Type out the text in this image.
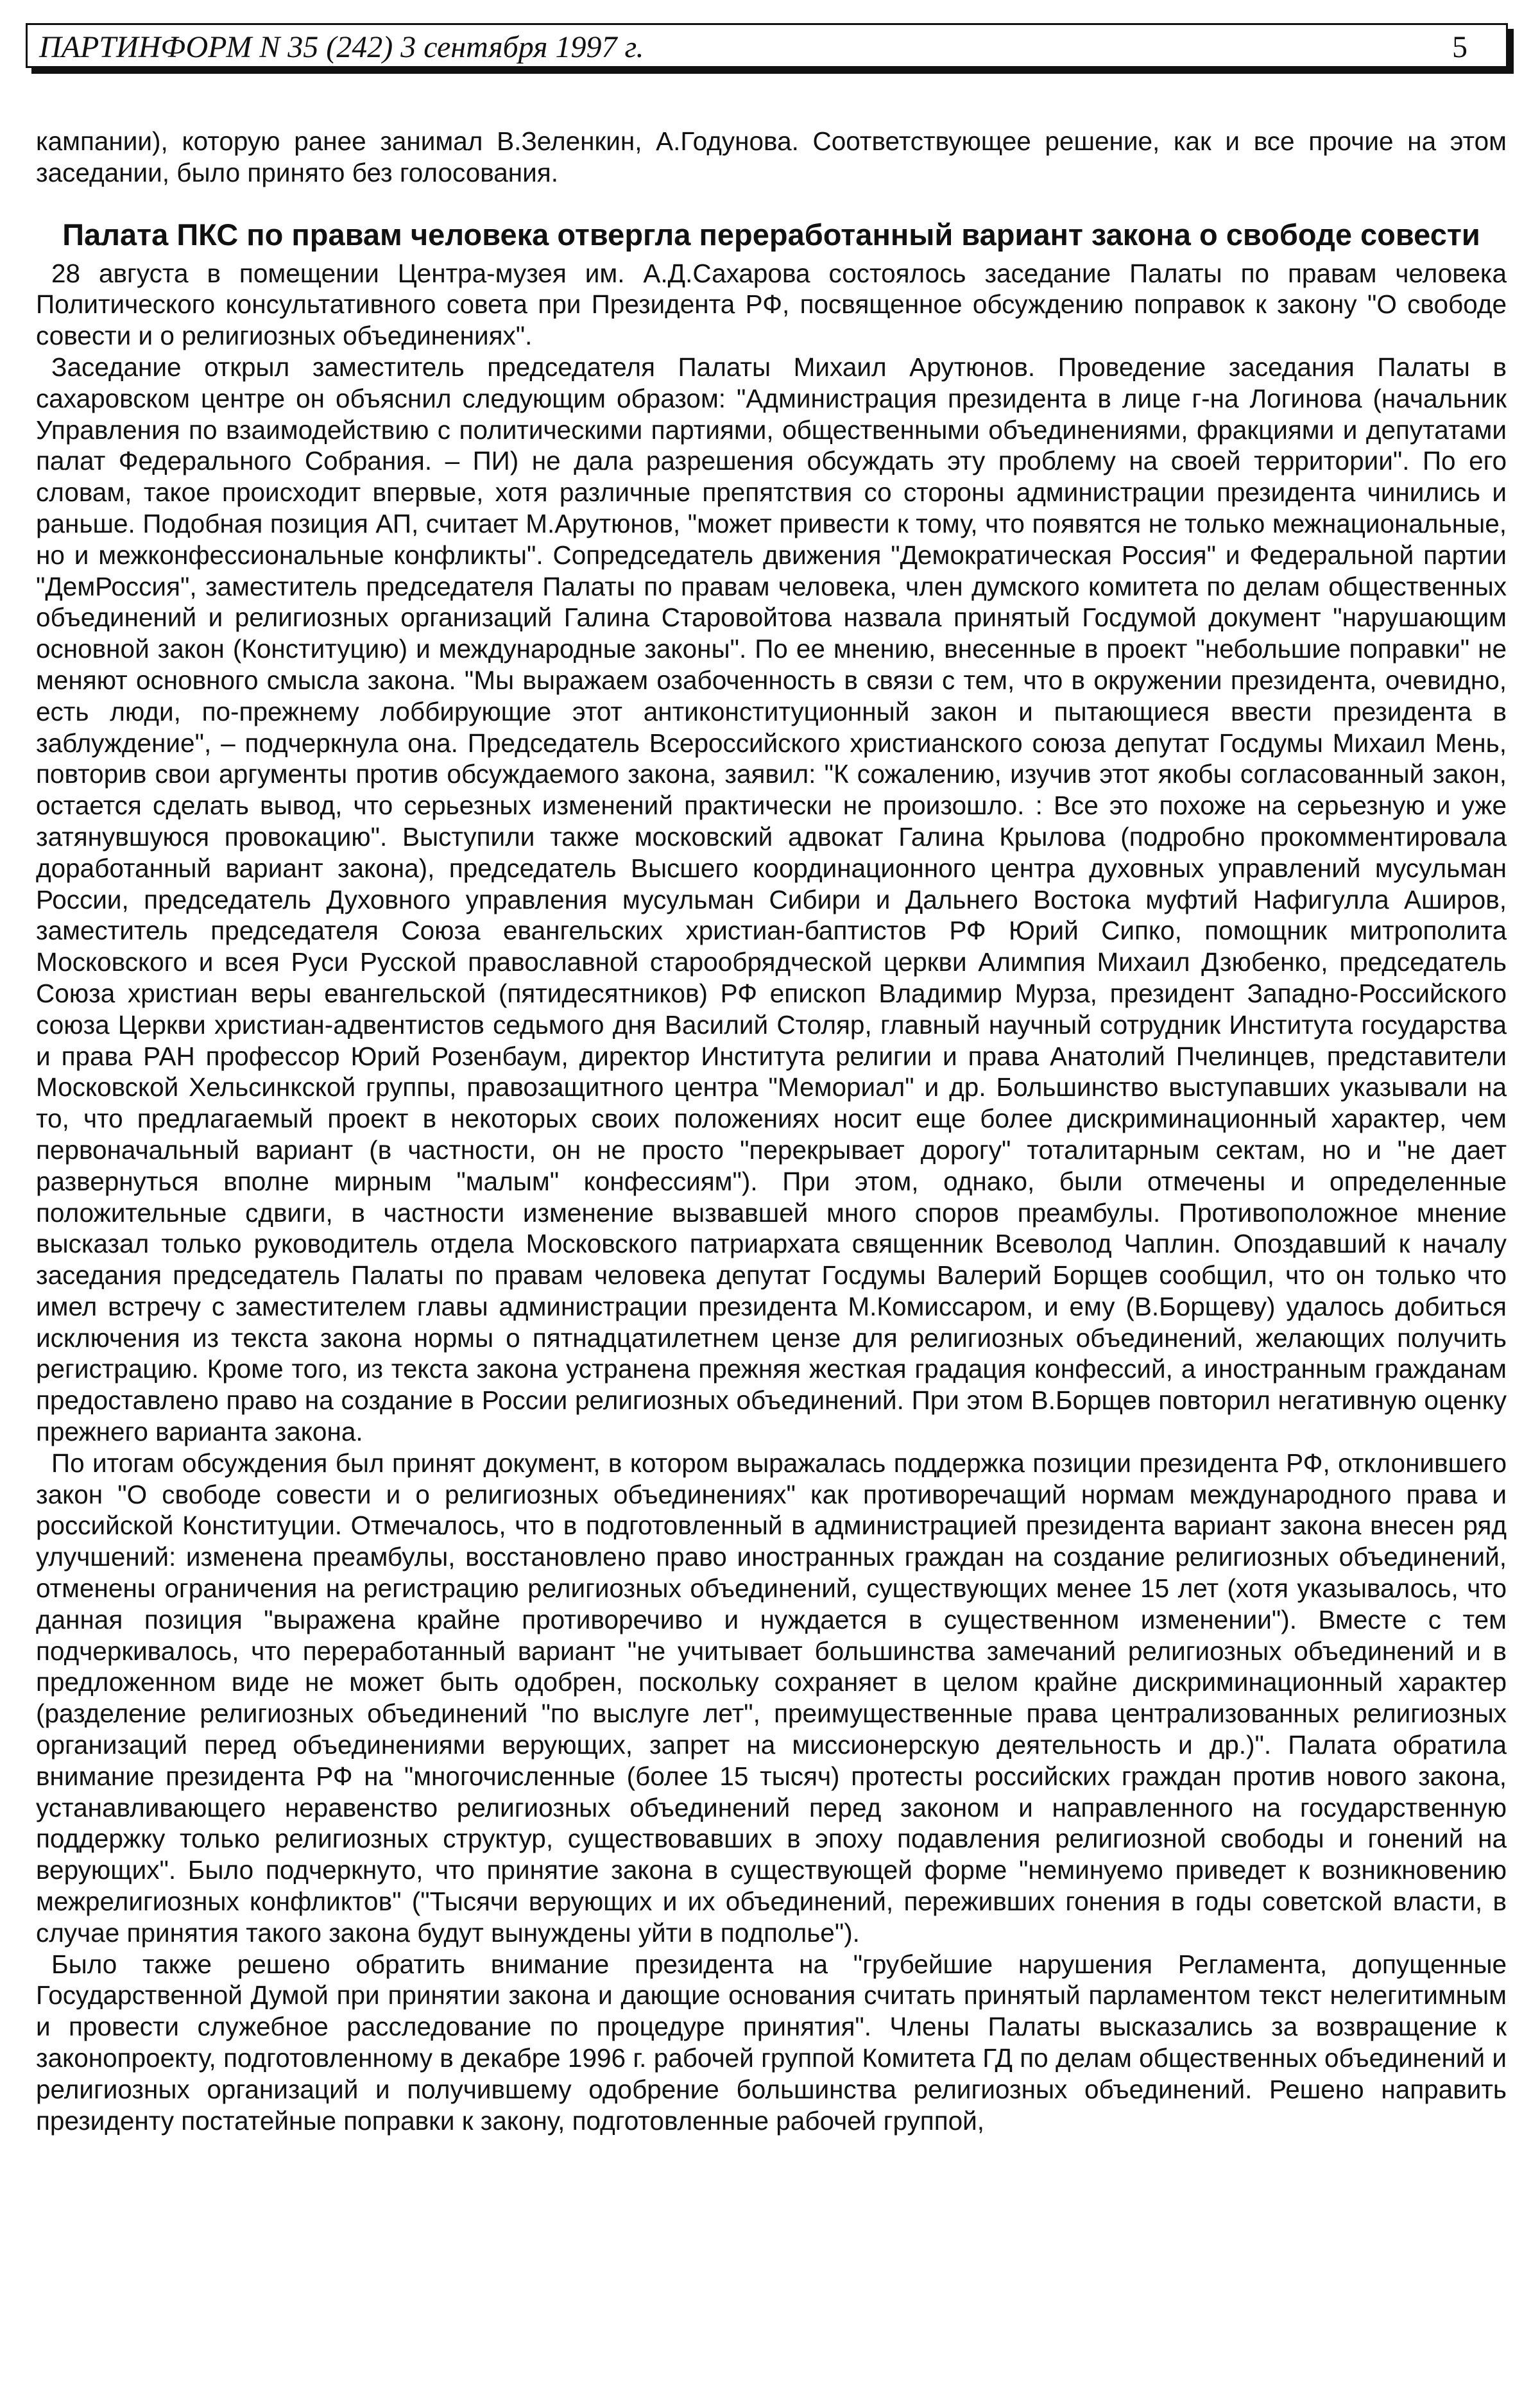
ПАРТИНФОРМ N 35 (242) 3 сентября 1997 г.	5

кампании), которую ранее занимал В.Зеленкин, А.Годунова. Соответствующее решение, как и все прочие на этом заседании, было принято без голосования.

Палата ПКС по правам человека отвергла переработанный вариант закона о свободе совести

28 августа в помещении Центра-музея им. А.Д.Сахарова состоялось заседание Палаты по правам человека Политического консультативного совета при Президента РФ, посвященное обсуждению поправок к закону "О свободе совести и о религиозных объединениях".

Заседание открыл заместитель председателя Палаты Михаил Арутюнов. Проведение заседания Палаты в сахаровском центре он объяснил следующим образом: "Администрация президента в лице г-на Логинова (начальник Управления по взаимодействию с политическими партиями, общественными объединениями, фракциями и депутатами палат Федерального Собрания. – ПИ) не дала разрешения обсуждать эту проблему на своей территории". По его словам, такое происходит впервые, хотя различные препятствия со стороны администрации президента чинились и раньше. Подобная позиция АП, считает М.Арутюнов, "может привести к тому, что появятся не только межнациональные, но и межконфессиональные конфликты". Сопредседатель движения "Демократическая Россия" и Федеральной партии "ДемРоссия", заместитель председателя Палаты по правам человека, член думского комитета по делам общественных объединений и религиозных организаций Галина Старовойтова назвала принятый Госдумой документ "нарушающим основной закон (Конституцию) и международные законы". По ее мнению, внесенные в проект "небольшие поправки" не меняют основного смысла закона. "Мы выражаем озабоченность в связи с тем, что в окружении президента, очевидно, есть люди, по-прежнему лоббирующие этот антиконституционный закон и пытающиеся ввести президента в заблуждение", – подчеркнула она. Председатель Всероссийского христианского союза депутат Госдумы Михаил Мень, повторив свои аргументы против обсуждаемого закона, заявил: "К сожалению, изучив этот якобы согласованный закон, остается сделать вывод, что серьезных изменений практически не произошло. : Все это похоже на серьезную и уже затянувшуюся провокацию". Выступили также московский адвокат Галина Крылова (подробно прокомментировала доработанный вариант закона), председатель Высшего координационного центра духовных управлений мусульман России, председатель Духовного управления мусульман Сибири и Дальнего Востока муфтий Нафигулла Аширов, заместитель председателя Союза евангельских христиан-баптистов РФ Юрий Сипко, помощник митрополита Московского и всея Руси Русской православной старообрядческой церкви Алимпия Михаил Дзюбенко, председатель Союза христиан веры евангельской (пятидесятников) РФ епископ Владимир Мурза, президент Западно-Российского союза Церкви христиан-адвентистов седьмого дня Василий Столяр, главный научный сотрудник Института государства и права РАН профессор Юрий Розенбаум, директор Института религии и права Анатолий Пчелинцев, представители Московской Хельсинкской группы, правозащитного центра "Мемориал" и др. Большинство выступавших указывали на то, что предлагаемый проект в некоторых своих положениях носит еще более дискриминационный характер, чем первоначальный вариант (в частности, он не просто "перекрывает дорогу" тоталитарным сектам, но и "не дает развернуться вполне мирным "малым" конфессиям"). При этом, однако, были отмечены и определенные положительные сдвиги, в частности изменение вызвавшей много споров преамбулы. Противоположное мнение высказал только руководитель отдела Московского патриархата священник Всеволод Чаплин. Опоздавший к началу заседания председатель Палаты по правам человека депутат Госдумы Валерий Борщев сообщил, что он только что имел встречу с заместителем главы администрации президента М.Комиссаром, и ему (В.Борщеву) удалось добиться исключения из текста закона нормы о пятнадцатилетнем цензе для религиозных объединений, желающих получить регистрацию. Кроме того, из текста закона устранена прежняя жесткая градация конфессий, а иностранным гражданам предоставлено право на создание в России религиозных объединений. При этом В.Борщев повторил негативную оценку прежнего варианта закона.

По итогам обсуждения был принят документ, в котором выражалась поддержка позиции президента РФ, отклонившего закон "О свободе совести и о религиозных объединениях" как противоречащий нормам международного права и российской Конституции. Отмечалось, что в подготовленный в администрацией президента вариант закона внесен ряд улучшений: изменена преамбулы, восстановлено право иностранных граждан на создание религиозных объединений, отменены ограничения на регистрацию религиозных объединений, существующих менее 15 лет (хотя указывалось, что данная позиция "выражена крайне противоречиво и нуждается в существенном изменении"). Вместе с тем подчеркивалось, что переработанный вариант "не учитывает большинства замечаний религиозных объединений и в предложенном виде не может быть одобрен, поскольку сохраняет в целом крайне дискриминационный характер (разделение религиозных объединений "по выслуге лет", преимущественные права централизованных религиозных организаций перед объединениями верующих, запрет на миссионерскую деятельность и др.)". Палата обратила внимание президента РФ на "многочисленные (более 15 тысяч) протесты российских граждан против нового закона, устанавливающего неравенство религиозных объединений перед законом и направленного на государственную поддержку только религиозных структур, существовавших в эпоху подавления религиозной свободы и гонений на верующих". Было подчеркнуто, что принятие закона в существующей форме "неминуемо приведет к возникновению межрелигиозных конфликтов" ("Тысячи верующих и их объединений, переживших гонения в годы советской власти, в случае принятия такого закона будут вынуждены уйти в подполье").

Было также решено обратить внимание президента на "грубейшие нарушения Регламента, допущенные Государственной Думой при принятии закона и дающие основания считать принятый парламентом текст нелегитимным и провести служебное расследование по процедуре принятия". Члены Палаты высказались за возвращение к законопроекту, подготовленному в декабре 1996 г. рабочей группой Комитета ГД по делам общественных объединений и религиозных организаций и получившему одобрение большинства религиозных объединений. Решено направить президенту постатейные поправки к закону, подготовленные рабочей группой,
